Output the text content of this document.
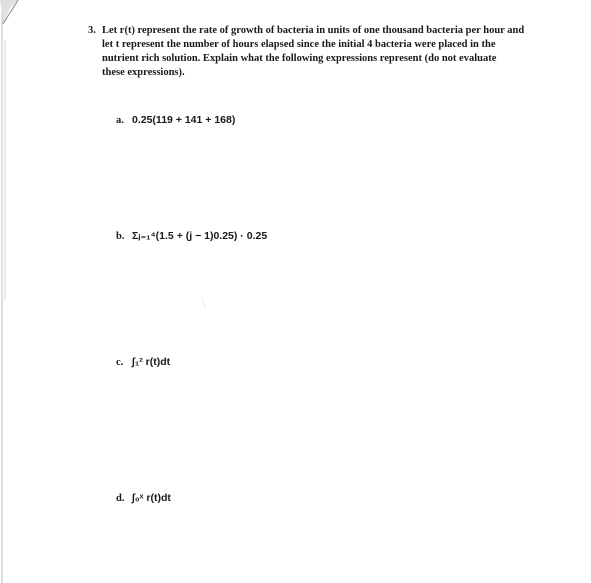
3. Let r(t) represent the rate of growth of bacteria in units of one thousand bacteria per hour and
let t represent the number of hours elapsed since the initial 4 bacteria were placed in the
nutrient rich solution. Explain what the following expressions represent (do not evaluate
these expressions).
a. 0.25(119 + 141 + 168)
b. Σⱼ₌₁⁴(1.5 + (j − 1)0.25) · 0.25
c. ∫₁² r(t)dt
d. ∫₀ˣ r(t)dt
